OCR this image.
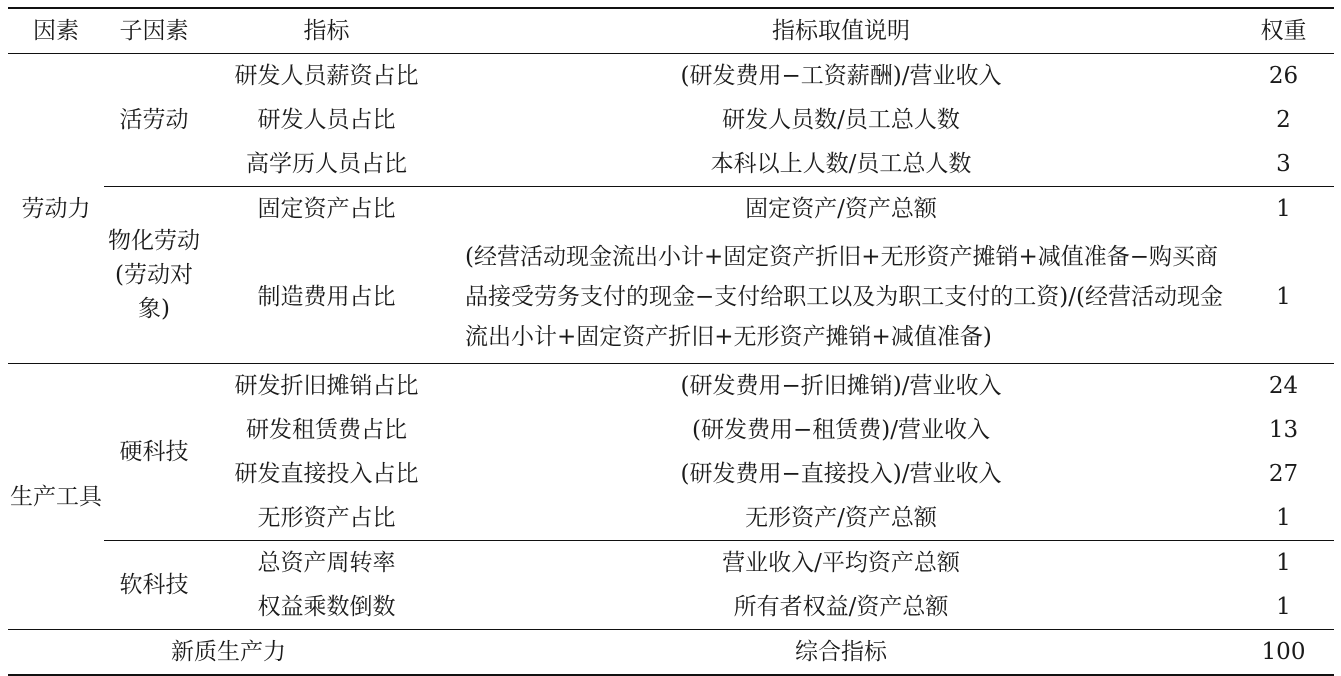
因素	子因素	指标	指标取值说明	权重
劳动力	活劳动	研发人员薪资占比	(研发费用−工资薪酬)/营业收入	26
		研发人员占比	研发人员数/员工总人数	2
		高学历人员占比	本科以上人数/员工总人数	3
	物化劳动(劳动对象)	固定资产占比	固定资产/资产总额	1
		制造费用占比	(经营活动现金流出小计+固定资产折旧+无形资产摊销+减值准备−购买商品接受劳务支付的现金−支付给职工以及为职工支付的工资)/(经营活动现金流出小计+固定资产折旧+无形资产摊销+减值准备)	1
生产工具	硬科技	研发折旧摊销占比	(研发费用−折旧摊销)/营业收入	24
		研发租赁费占比	(研发费用−租赁费)/营业收入	13
		研发直接投入占比	(研发费用−直接投入)/营业收入	27
		无形资产占比	无形资产/资产总额	1
	软科技	总资产周转率	营业收入/平均资产总额	1
		权益乘数倒数	所有者权益/资产总额	1
新质生产力			综合指标	100
